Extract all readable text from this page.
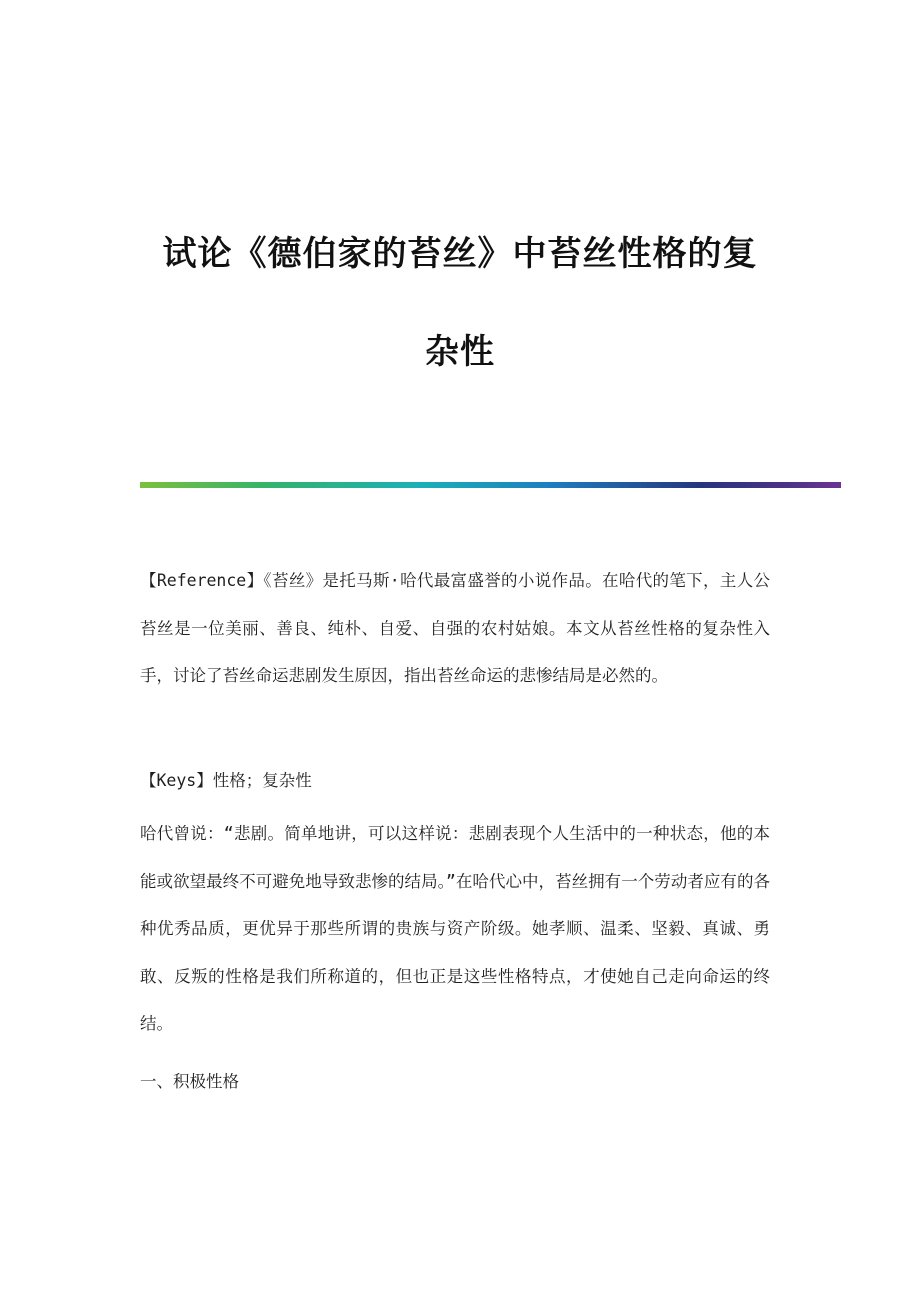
试论《德伯家的苔丝》中苔丝性格的复
杂性

【Reference】《苔丝》是托马斯·哈代最富盛誉的小说作品。在哈代的笔下，主人公苔丝是一位美丽、善良、纯朴、自爱、自强的农村姑娘。本文从苔丝性格的复杂性入手，讨论了苔丝命运悲剧发生原因，指出苔丝命运的悲惨结局是必然的。

【Keys】性格；复杂性

哈代曾说：“悲剧。简单地讲，可以这样说：悲剧表现个人生活中的一种状态，他的本能或欲望最终不可避免地导致悲惨的结局。”在哈代心中，苔丝拥有一个劳动者应有的各种优秀品质，更优异于那些所谓的贵族与资产阶级。她孝顺、温柔、坚毅、真诚、勇敢、反叛的性格是我们所称道的，但也正是这些性格特点，才使她自己走向命运的终结。

一、积极性格
